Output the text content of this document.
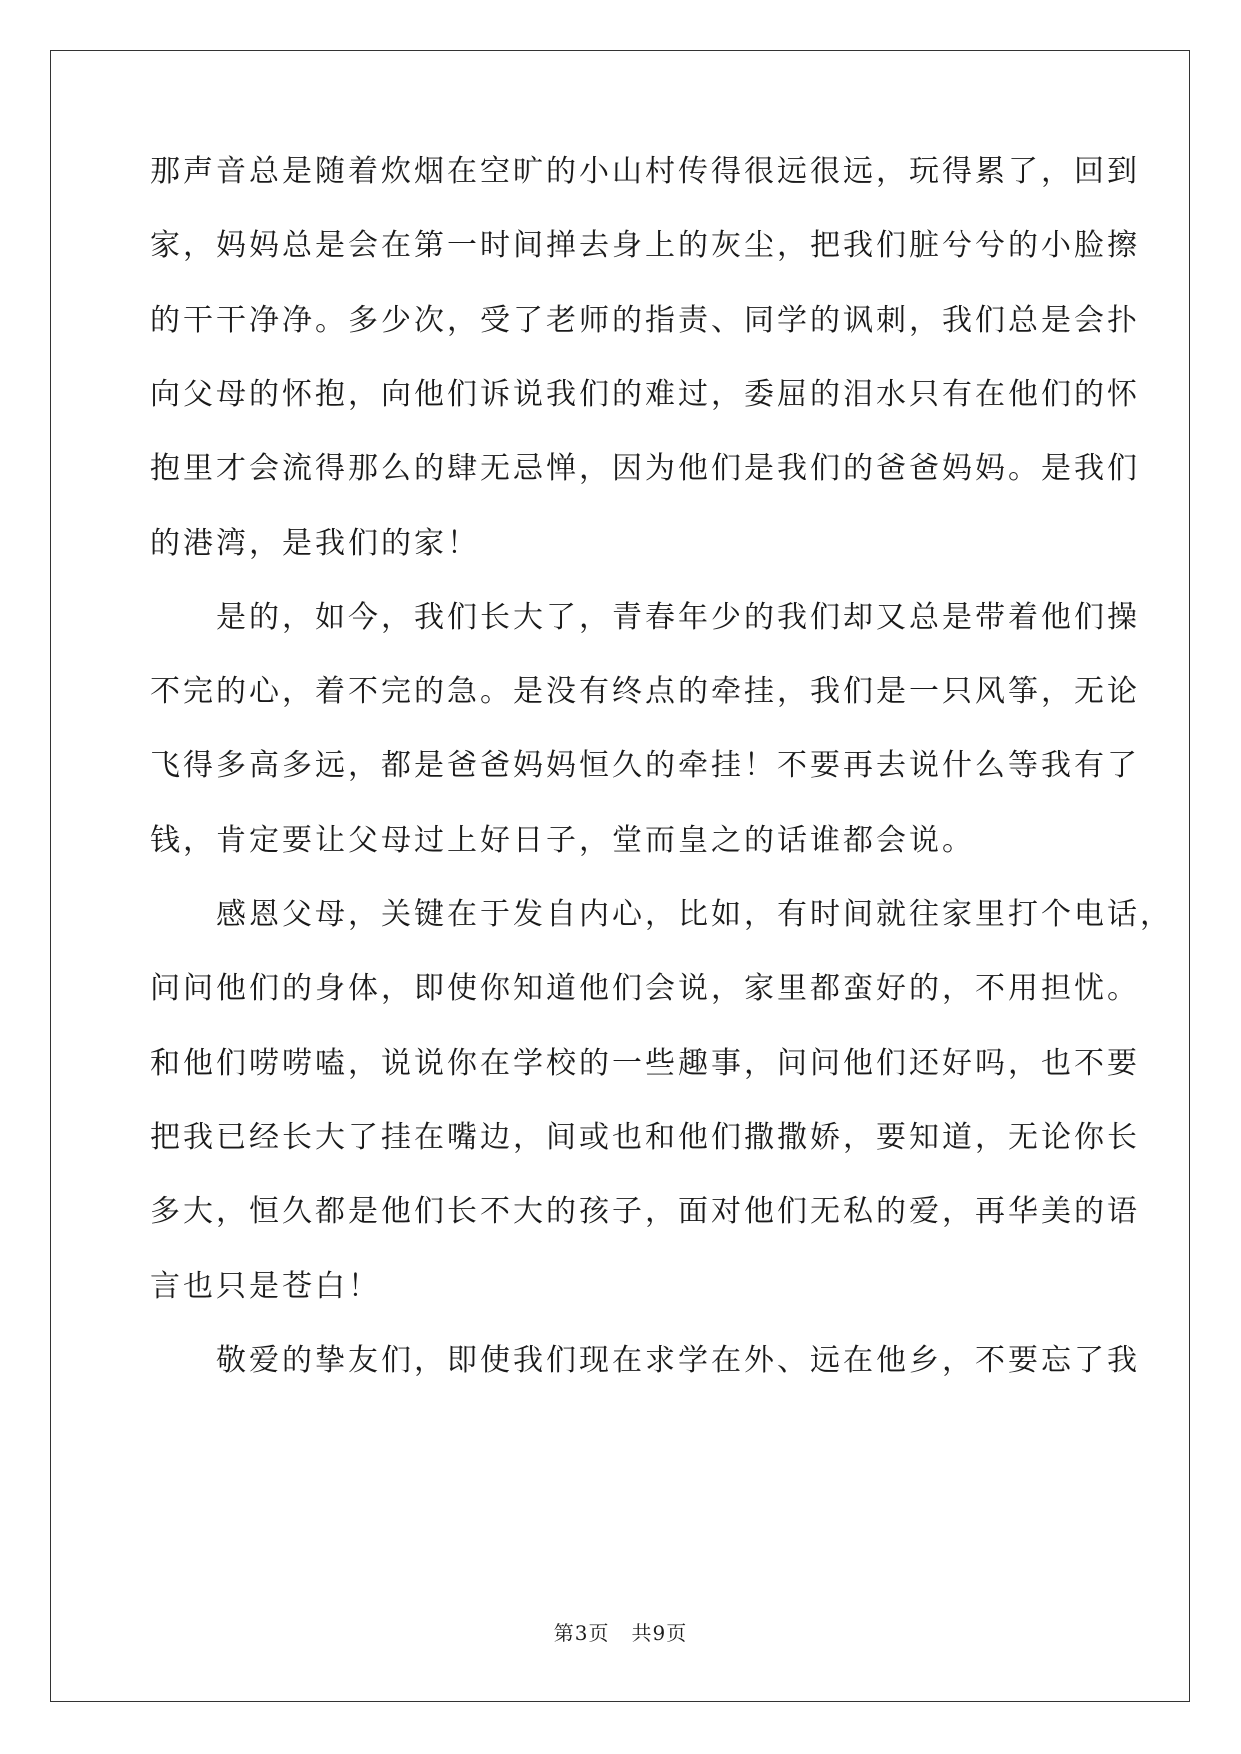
那声音总是随着炊烟在空旷的小山村传得很远很远，玩得累了，回到
家，妈妈总是会在第一时间掸去身上的灰尘，把我们脏兮兮的小脸擦
的干干净净。多少次，受了老师的指责、同学的讽刺，我们总是会扑
向父母的怀抱，向他们诉说我们的难过，委屈的泪水只有在他们的怀
抱里才会流得那么的肆无忌惮，因为他们是我们的爸爸妈妈。是我们
的港湾，是我们的家！
　　是的，如今，我们长大了，青春年少的我们却又总是带着他们操
不完的心，着不完的急。是没有终点的牵挂，我们是一只风筝，无论
飞得多高多远，都是爸爸妈妈恒久的牵挂！不要再去说什么等我有了
钱，肯定要让父母过上好日子，堂而皇之的话谁都会说。
　　感恩父母，关键在于发自内心，比如，有时间就往家里打个电话，
问问他们的身体，即使你知道他们会说，家里都蛮好的，不用担忧。
和他们唠唠嗑，说说你在学校的一些趣事，问问他们还好吗，也不要
把我已经长大了挂在嘴边，间或也和他们撒撒娇，要知道，无论你长
多大，恒久都是他们长不大的孩子，面对他们无私的爱，再华美的语
言也只是苍白！
　　敬爱的挚友们，即使我们现在求学在外、远在他乡，不要忘了我
第3页 共9页
